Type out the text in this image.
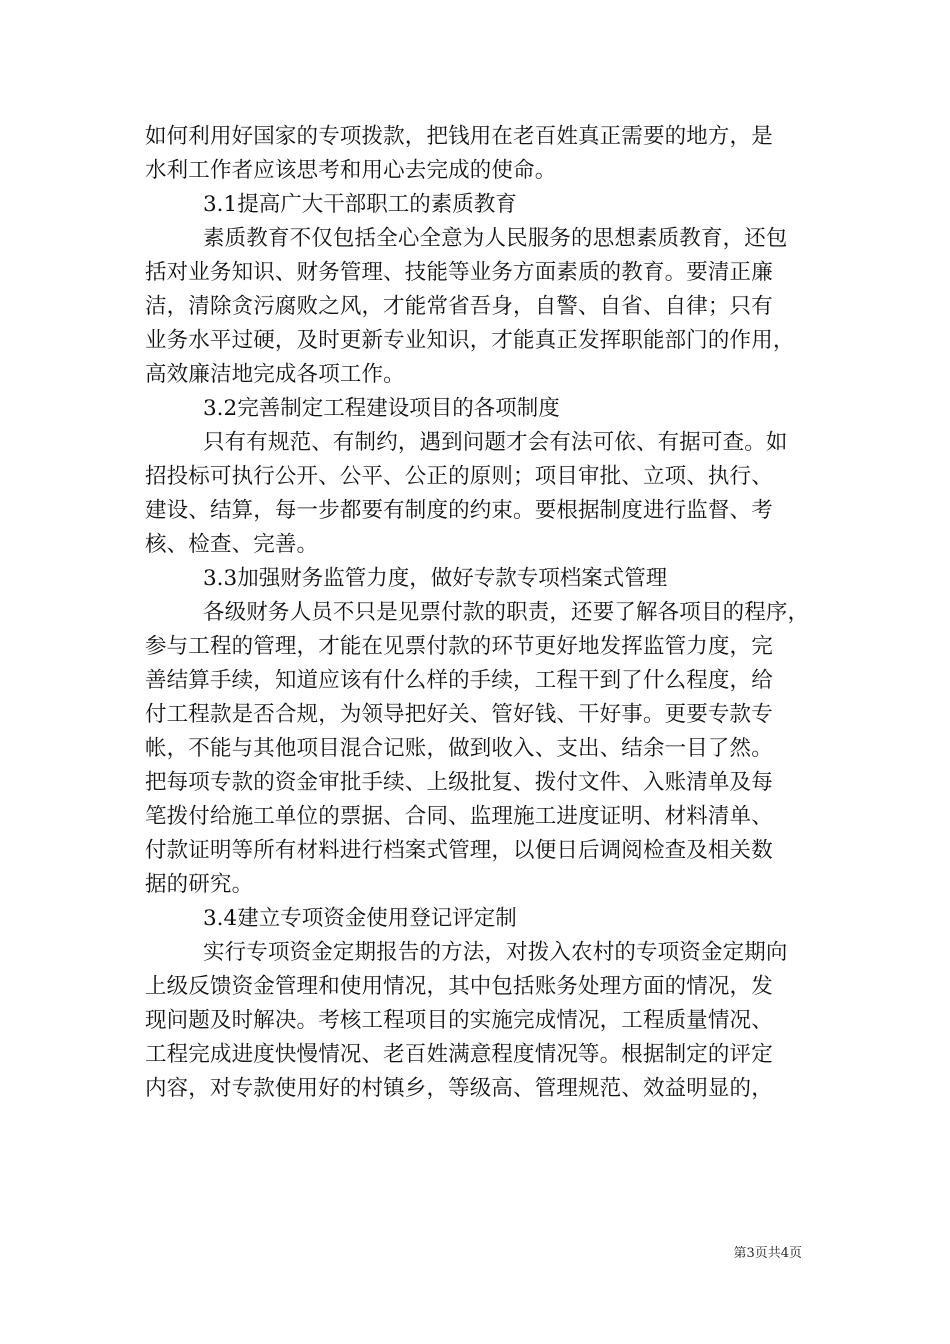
如何利用好国家的专项拨款，把钱用在老百姓真正需要的地方，是
水利工作者应该思考和用心去完成的使命。
3.1提高广大干部职工的素质教育
素质教育不仅包括全心全意为人民服务的思想素质教育，还包
括对业务知识、财务管理、技能等业务方面素质的教育。要清正廉
洁，清除贪污腐败之风，才能常省吾身，自警、自省、自律；只有
业务水平过硬，及时更新专业知识，才能真正发挥职能部门的作用，
高效廉洁地完成各项工作。
3.2完善制定工程建设项目的各项制度
只有有规范、有制约，遇到问题才会有法可依、有据可查。如
招投标可执行公开、公平、公正的原则；项目审批、立项、执行、
建设、结算，每一步都要有制度的约束。要根据制度进行监督、考
核、检查、完善。
3.3加强财务监管力度，做好专款专项档案式管理
各级财务人员不只是见票付款的职责，还要了解各项目的程序，
参与工程的管理，才能在见票付款的环节更好地发挥监管力度，完
善结算手续，知道应该有什么样的手续，工程干到了什么程度，给
付工程款是否合规，为领导把好关、管好钱、干好事。更要专款专
帐，不能与其他项目混合记账，做到收入、支出、结余一目了然。
把每项专款的资金审批手续、上级批复、拨付文件、入账清单及每
笔拨付给施工单位的票据、合同、监理施工进度证明、材料清单、
付款证明等所有材料进行档案式管理，以便日后调阅检查及相关数
据的研究。
3.4建立专项资金使用登记评定制
实行专项资金定期报告的方法，对拨入农村的专项资金定期向
上级反馈资金管理和使用情况，其中包括账务处理方面的情况，发
现问题及时解决。考核工程项目的实施完成情况，工程质量情况、
工程完成进度快慢情况、老百姓满意程度情况等。根据制定的评定
内容，对专款使用好的村镇乡，等级高、管理规范、效益明显的，
第3页共4页
